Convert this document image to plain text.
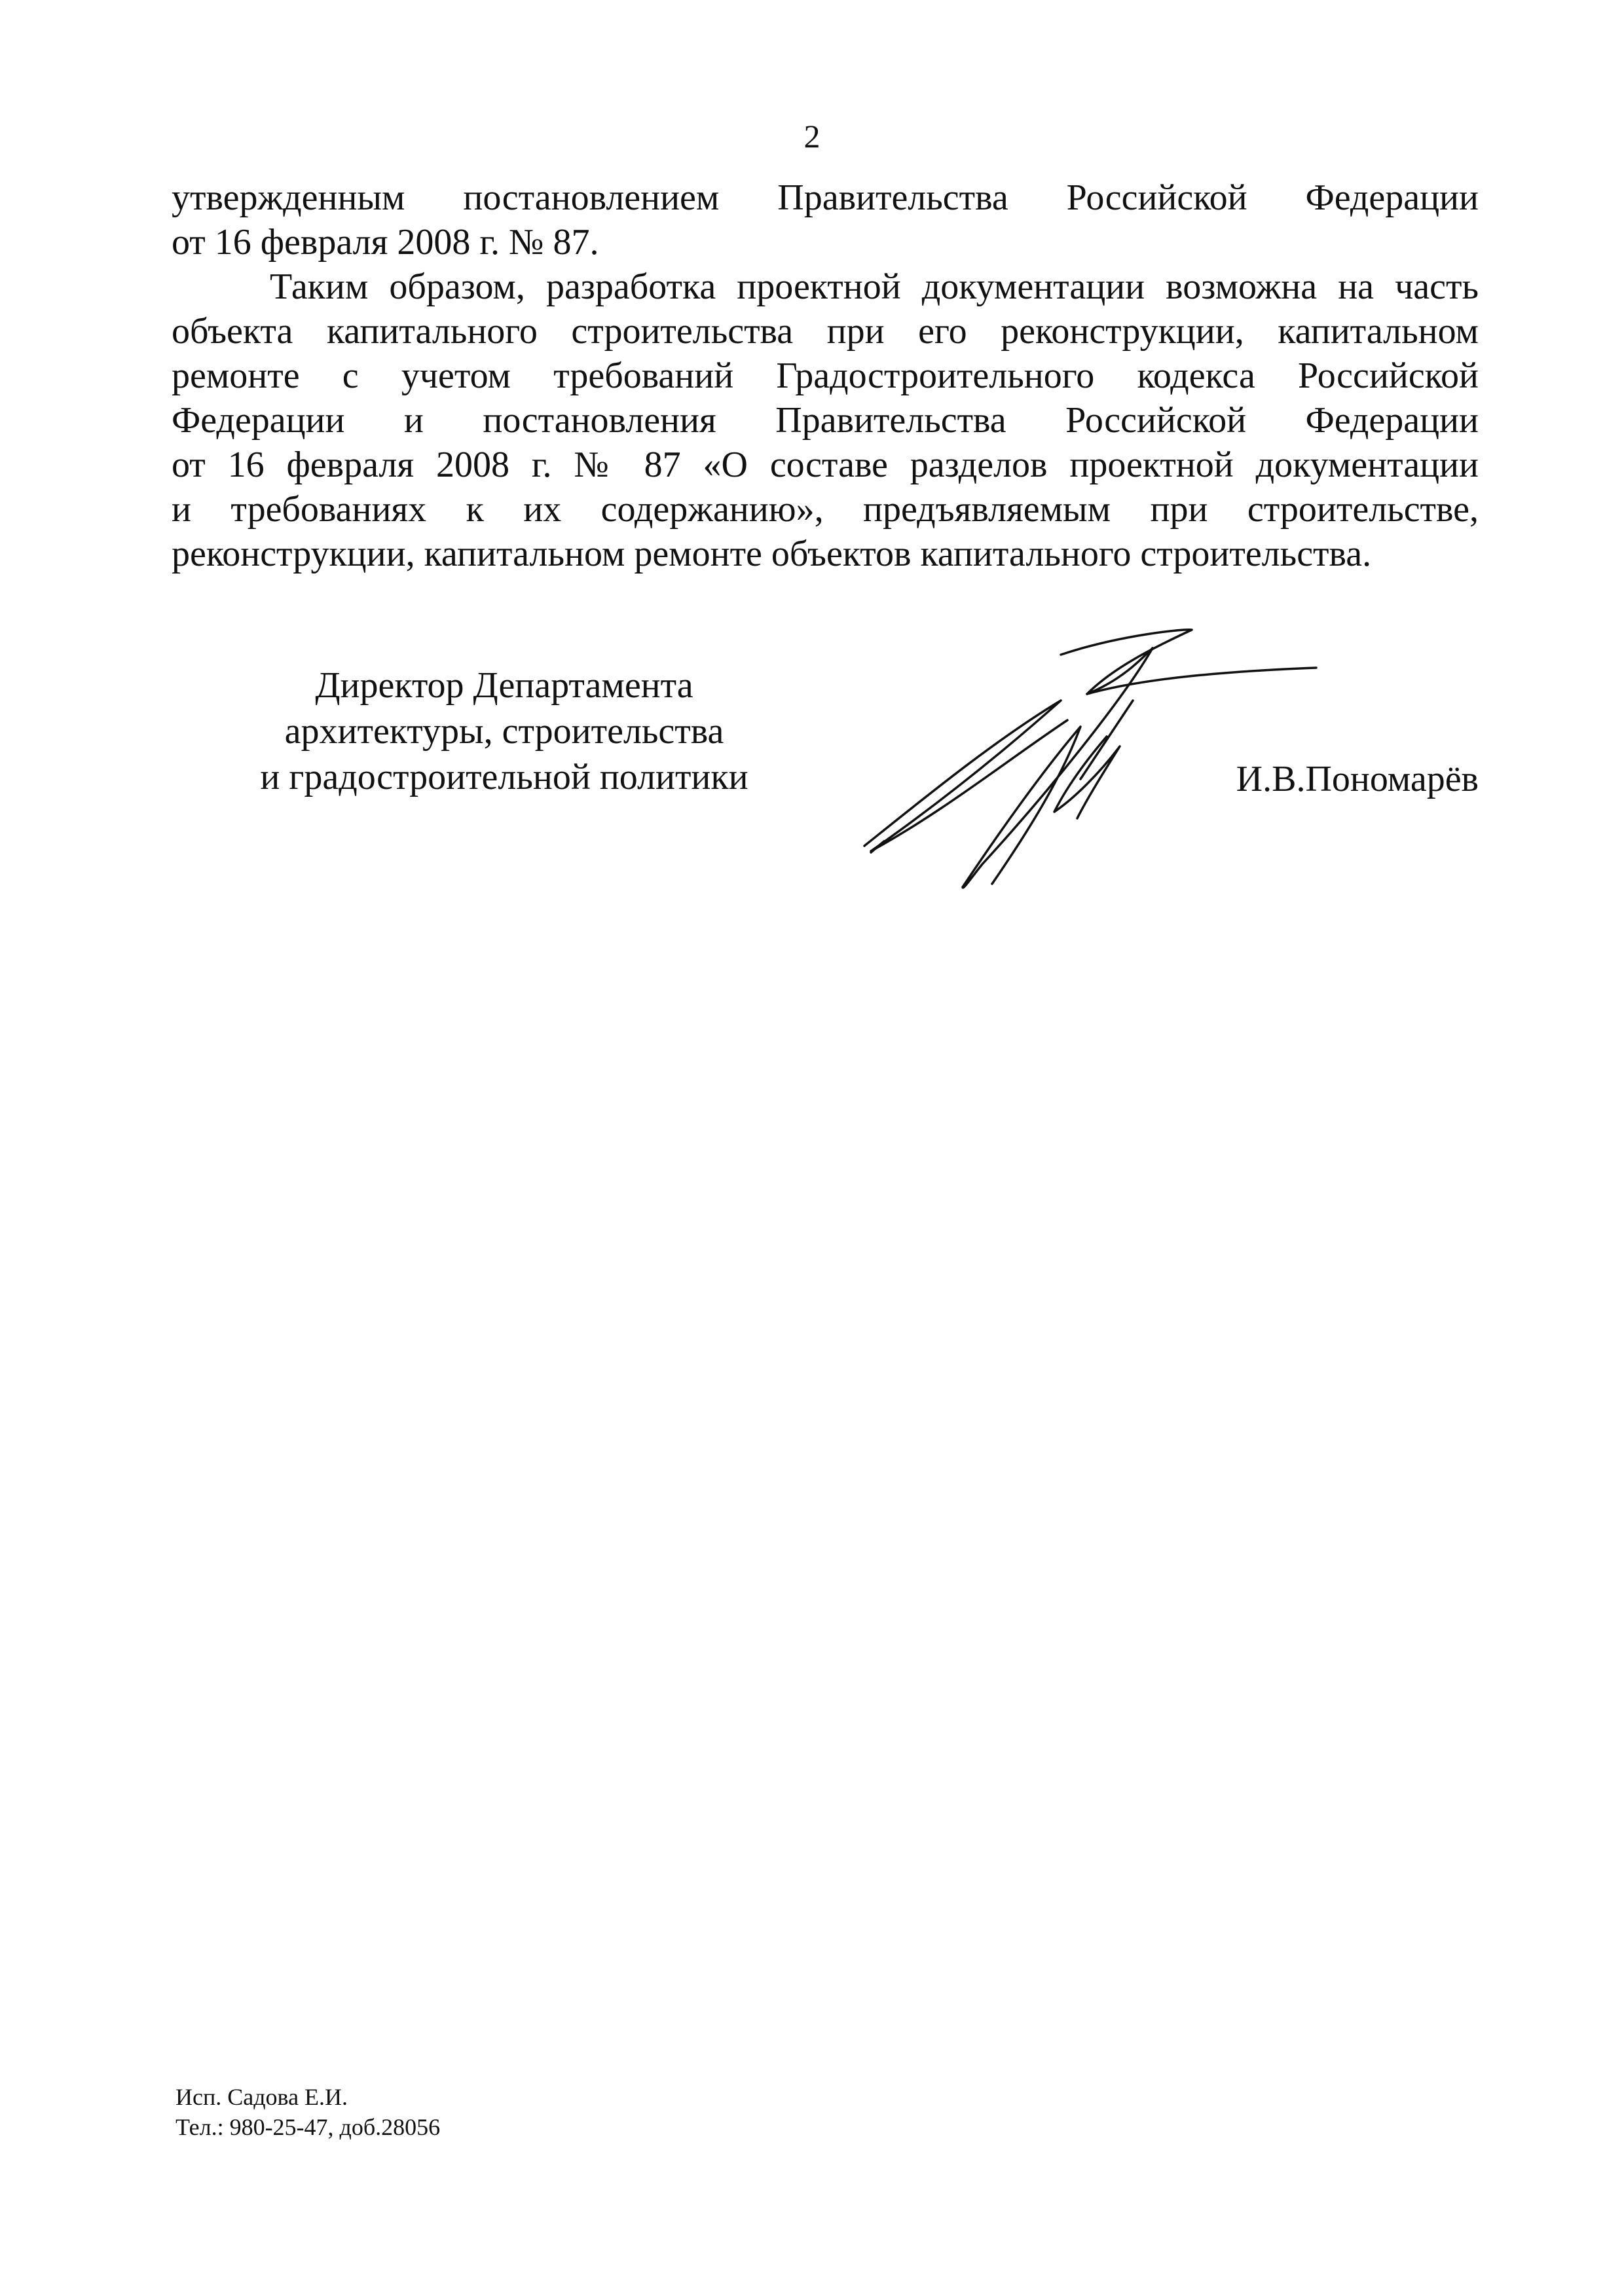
2
утвержденным постановлением Правительства Российской Федерации
от 16 февраля 2008 г. № 87.
Таким образом, разработка проектной документации возможна на часть
объекта капитального строительства при его реконструкции, капитальном
ремонте с учетом требований Градостроительного кодекса Российской
Федерации и постановления Правительства Российской Федерации
от 16 февраля 2008 г. № 87 «О составе разделов проектной документации
и требованиях к их содержанию», предъявляемым при строительстве,
реконструкции, капитальном ремонте объектов капитального строительства.
Директор Департамента
архитектуры, строительства
и градостроительной политики	И.В.Пономарёв
Исп. Садова Е.И.
Тел.: 980-25-47, доб.28056
